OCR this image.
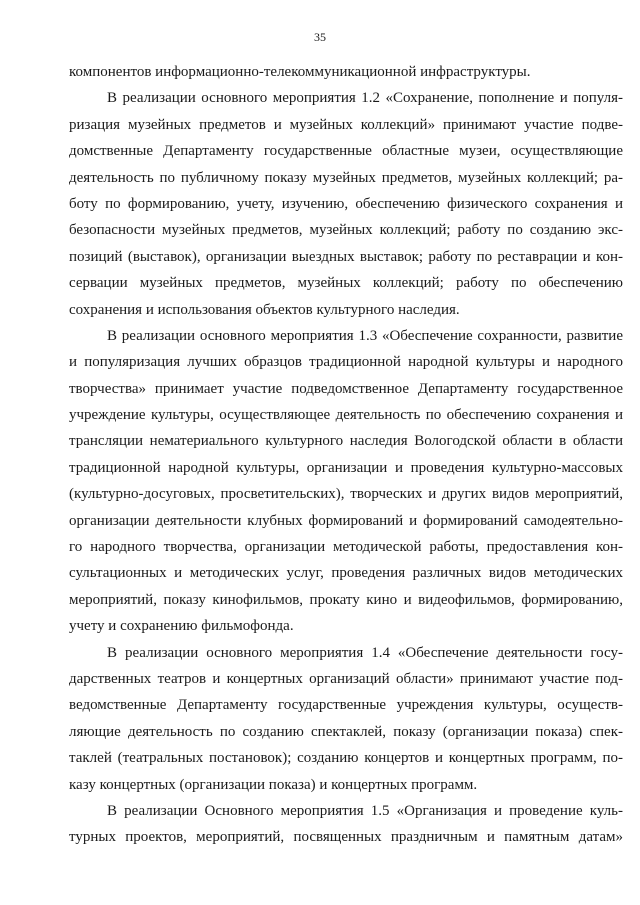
35
компонентов информационно-телекоммуникационной инфраструктуры.
В реализации основного мероприятия 1.2 «Сохранение, пополнение и популя-
ризация музейных предметов и музейных коллекций» принимают участие подве-
домственные Департаменту государственные областные музеи, осуществляющие
деятельность по публичному показу музейных предметов, музейных коллекций; ра-
боту по формированию, учету, изучению, обеспечению физического сохранения и
безопасности музейных предметов, музейных коллекций; работу по созданию экс-
позиций (выставок), организации выездных выставок; работу по реставрации и кон-
сервации музейных предметов, музейных коллекций; работу по обеспечению
сохранения и использования объектов культурного наследия.
В реализации основного мероприятия 1.3 «Обеспечение сохранности, развитие
и популяризация лучших образцов традиционной народной культуры и народного
творчества» принимает участие подведомственное Департаменту государственное
учреждение культуры, осуществляющее деятельность по обеспечению сохранения и
трансляции нематериального культурного наследия Вологодской области в области
традиционной народной культуры, организации и проведения культурно-массовых
(культурно-досуговых, просветительских), творческих и других видов мероприятий,
организации деятельности клубных формирований и формирований самодеятельно-
го народного творчества, организации методической работы, предоставления кон-
сультационных и методических услуг, проведения различных видов методических
мероприятий, показу кинофильмов, прокату кино и видеофильмов, формированию,
учету и сохранению фильмофонда.
В реализации основного мероприятия 1.4 «Обеспечение деятельности госу-
дарственных театров и концертных организаций области» принимают участие под-
ведомственные Департаменту государственные учреждения культуры, осуществ-
ляющие деятельность по созданию спектаклей, показу (организации показа) спек-
таклей (театральных постановок); созданию концертов и концертных программ, по-
казу концертных (организации показа) и концертных программ.
В реализации Основного мероприятия 1.5 «Организация и проведение куль-
турных проектов, мероприятий, посвященных праздничным и памятным датам»
